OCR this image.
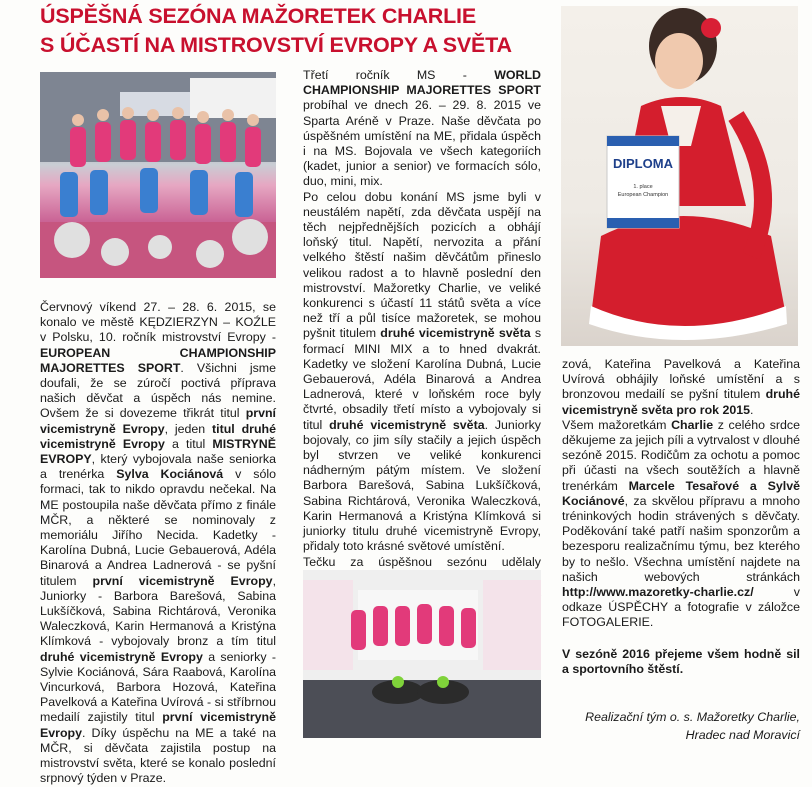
ÚSPĚŠNÁ SEZÓNA MAŽORETEK CHARLIE
S ÚČASTÍ NA MISTROVSTVÍ EVROPY A SVĚTA
DIPLOMA
1. place
European Champion

Červnový víkend 27. – 28. 6. 2015, se konalo ve městě KĘDZIERZYN – KOŹLE v Polsku, 10. ročník mistrovství Evropy - EUROPEAN CHAMPIONSHIP MAJORETTES SPORT. Všichni jsme doufali, že se zúročí poctivá příprava našich děvčat a úspěch nás nemine. Ovšem že si dovezeme třikrát titul první vicemistryně Evropy, jeden titul druhé vicemistryně Evropy a titul MISTRYNĚ EVROPY, který vybojovala naše seniorka a trenérka Sylva Kociánová v sólo formaci, tak to nikdo opravdu nečekal. Na ME postoupila naše děvčata přímo z finále MČR, a některé se nominovaly z memoriálu Jiřího Necida. Kadetky - Karolína Dubná, Lucie Gebauerová, Adéla Binarová a Andrea Ladnerová - se pyšní titulem první vicemistryně Evropy, Juniorky - Barbora Barešová, Sabina Lukšíčková, Sabina Richtárová, Veronika Waleczková, Karin Hermanová a Kristýna Klímková - vybojovaly bronz a tím titul druhé vicemistryně Evropy a seniorky - Sylvie Kociánová, Sára Raabová, Karolína Vincurková, Barbora Hozová, Kateřina Pavelková a Kateřina Uvírová - si stříbrnou medailí zajistily titul první vicemistryně Evropy. Díky úspěchu na ME a také na MČR, si děvčata zajistila postup na mistrovství světa, které se konalo poslední srpnový týden v Praze.

Třetí ročník MS - WORLD CHAMPIONSHIP MAJORETTES SPORT probíhal ve dnech 26. – 29. 8. 2015 ve Sparta Aréně v Praze. Naše děvčata po úspěšném umístění na ME, přidala úspěch i na MS. Bojovala ve všech kategoriích (kadet, junior a senior) ve formacích sólo, duo, mini, mix.

Po celou dobu konání MS jsme byli v neustálém napětí, zda děvčata uspějí na těch nejpřednějších pozicích a obhájí loňský titul. Napětí, nervozita a přání velkého štěstí našim děvčátům přineslo velikou radost a to hlavně poslední den mistrovství. Mažoretky Charlie, ve veliké konkurenci s účastí 11 států světa a více než tří a půl tisíce mažoretek, se mohou pyšnit titulem druhé vicemistryně světa s formací MINI MIX a to hned dvakrát. Kadetky ve složení Karolína Dubná, Lucie Gebauerová, Adéla Binarová a Andrea Ladnerová, které v loňském roce byly čtvrté, obsadily třetí místo a vybojovaly si titul druhé vicemistryně světa. Juniorky bojovaly, co jim síly stačily a jejich úspěch byl stvrzen ve veliké konkurenci nádherným pátým místem. Ve složení Barbora Barešová, Sabina Lukšíčková, Sabina Richtárová, Veronika Waleczková, Karin Hermanová a Kristýna Klímková si juniorky titulu druhé vicemistryně Evropy, přidaly toto krásné světové umístění.

Tečku za úspěšnou sezónu udělaly

zová, Kateřina Pavelková a Kateřina Uvírová obhájily loňské umístění a s bronzovou medailí se pyšní titulem druhé vicemistryně světa pro rok 2015.

Všem mažoretkám Charlie z celého srdce děkujeme za jejich píli a vytrvalost v dlouhé sezóně 2015. Rodičům za ochotu a pomoc při účasti na všech soutěžích a hlavně trenérkám Marcele Tesařové a Sylvě Kociánové, za skvělou přípravu a mnoho tréninkových hodin strávených s děvčaty. Poděkování také patří našim sponzorům a bezesporu realizačnímu týmu, bez kterého by to nešlo. Všechna umístění najdete na našich webových stránkách http://www.mazoretky-charlie.cz/ v odkaze ÚSPĚCHY a fotografie v záložce FOTOGALERIE.

V sezóně 2016 přejeme všem hodně sil a sportovního štěstí.

Realizační tým o. s. Mažoretky Charlie,
Hradec nad Moravicí
